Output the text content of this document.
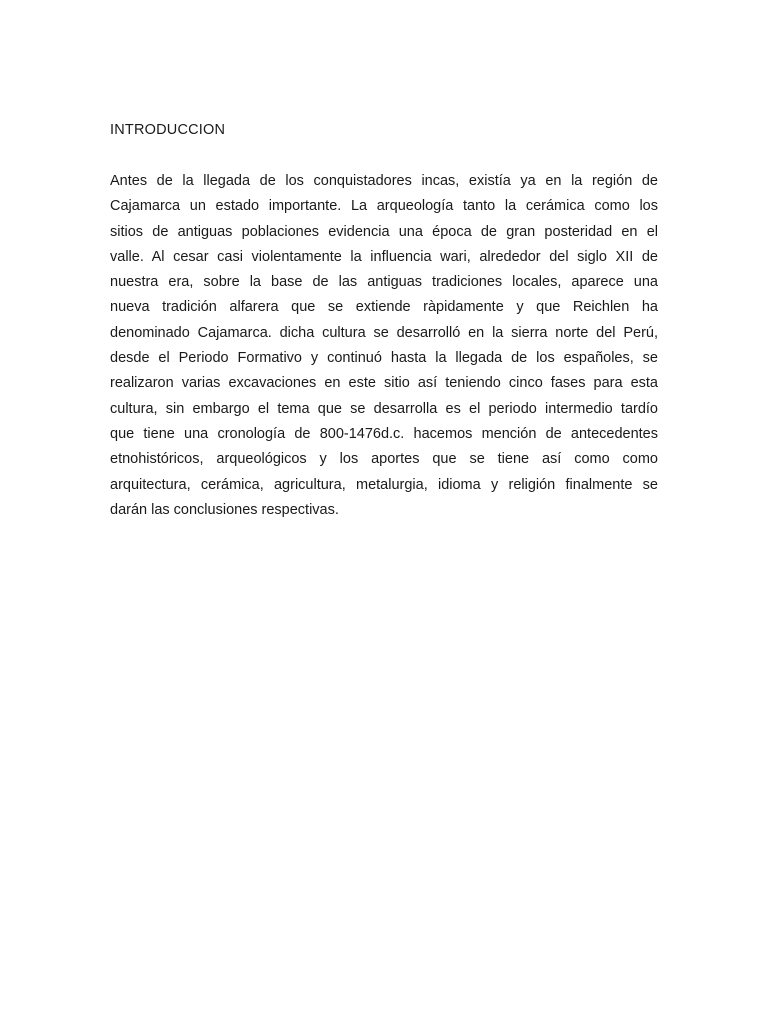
INTRODUCCION

Antes de la llegada de los conquistadores incas, existía ya en la región de
Cajamarca un estado importante. La arqueología tanto la cerámica como los
sitios de antiguas poblaciones evidencia una época de gran posteridad en el
valle. Al cesar casi violentamente la influencia wari, alrededor del siglo XII de
nuestra era, sobre la base de las antiguas tradiciones locales, aparece una
nueva tradición alfarera que se extiende ràpidamente y que Reichlen ha
denominado Cajamarca. dicha cultura se desarrolló en la sierra norte del Perú,
desde el Periodo Formativo y continuó hasta la llegada de los españoles, se
realizaron varias excavaciones en este sitio así teniendo cinco fases para esta
cultura, sin embargo el tema que se desarrolla es el periodo intermedio tardío
que tiene una cronología de 800-1476d.c. hacemos mención de antecedentes
etnohistóricos, arqueológicos y los aportes que se tiene así como como
arquitectura, cerámica, agricultura, metalurgia, idioma y religión finalmente se
darán las conclusiones respectivas.
